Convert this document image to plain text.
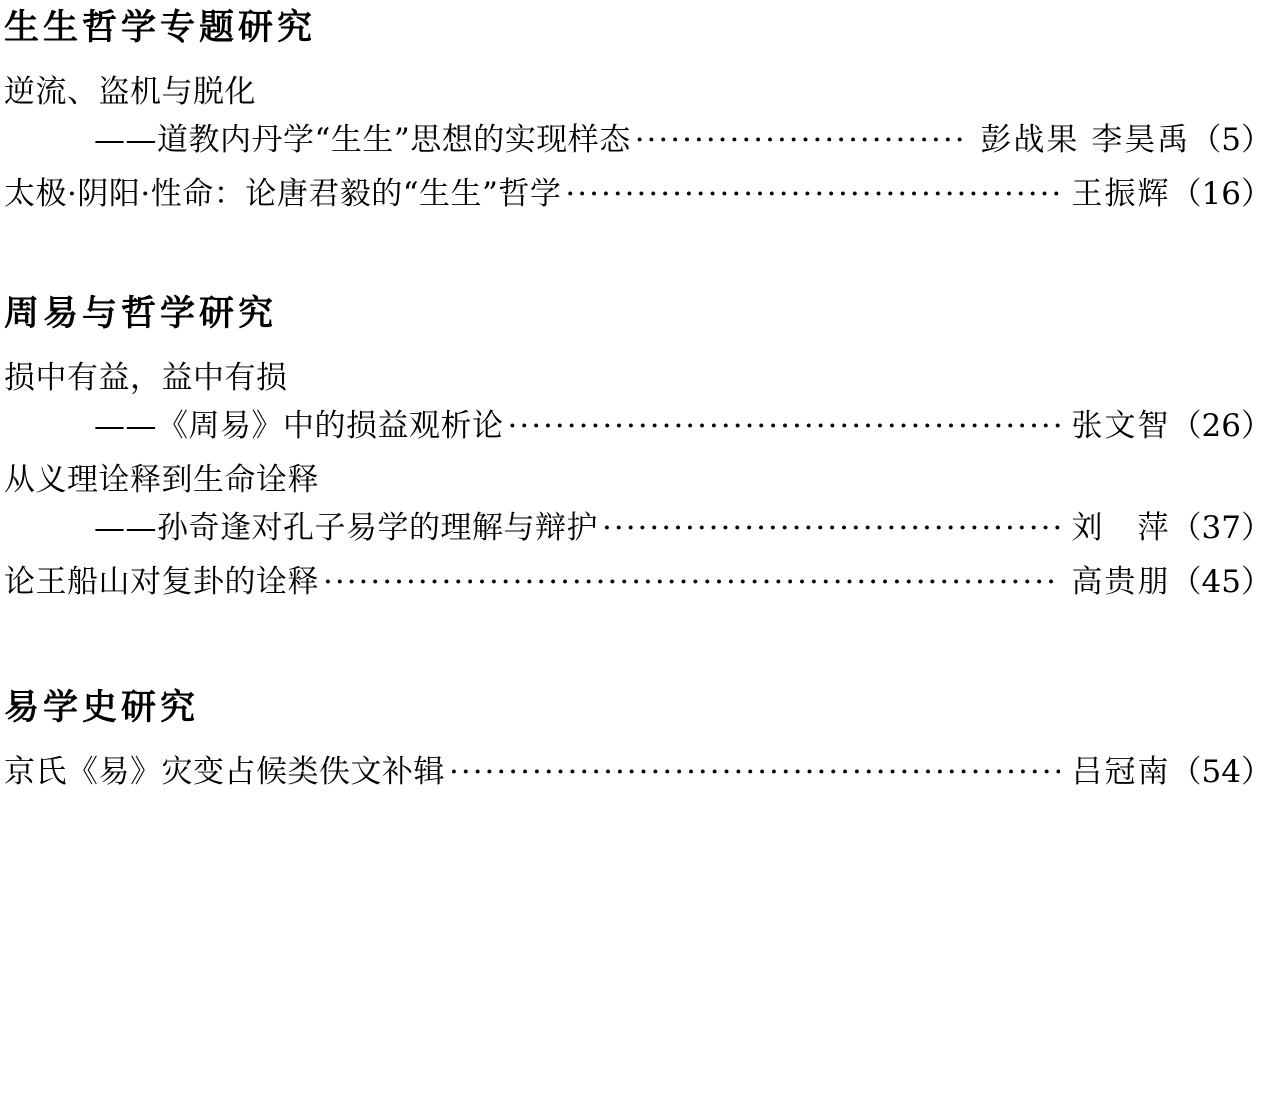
生生哲学专题研究
逆流、盗机与脱化
——道教内丹学“生生”思想的实现样态 ·····	彭战果 李昊禹 （5）
太极·阴阳·性命：论唐君毅的“生生”哲学 ·····	王振辉 （16）
周易与哲学研究
损中有益，益中有损
——《周易》中的损益观析论 ·····	张文智 （26）
从义理诠释到生命诠释
——孙奇逢对孔子易学的理解与辩护 ·····	刘　萍 （37）
论王船山对复卦的诠释 ·····	高贵朋 （45）
易学史研究
京氏《易》灾变占候类佚文补辑 ·····	吕冠南 （54）
